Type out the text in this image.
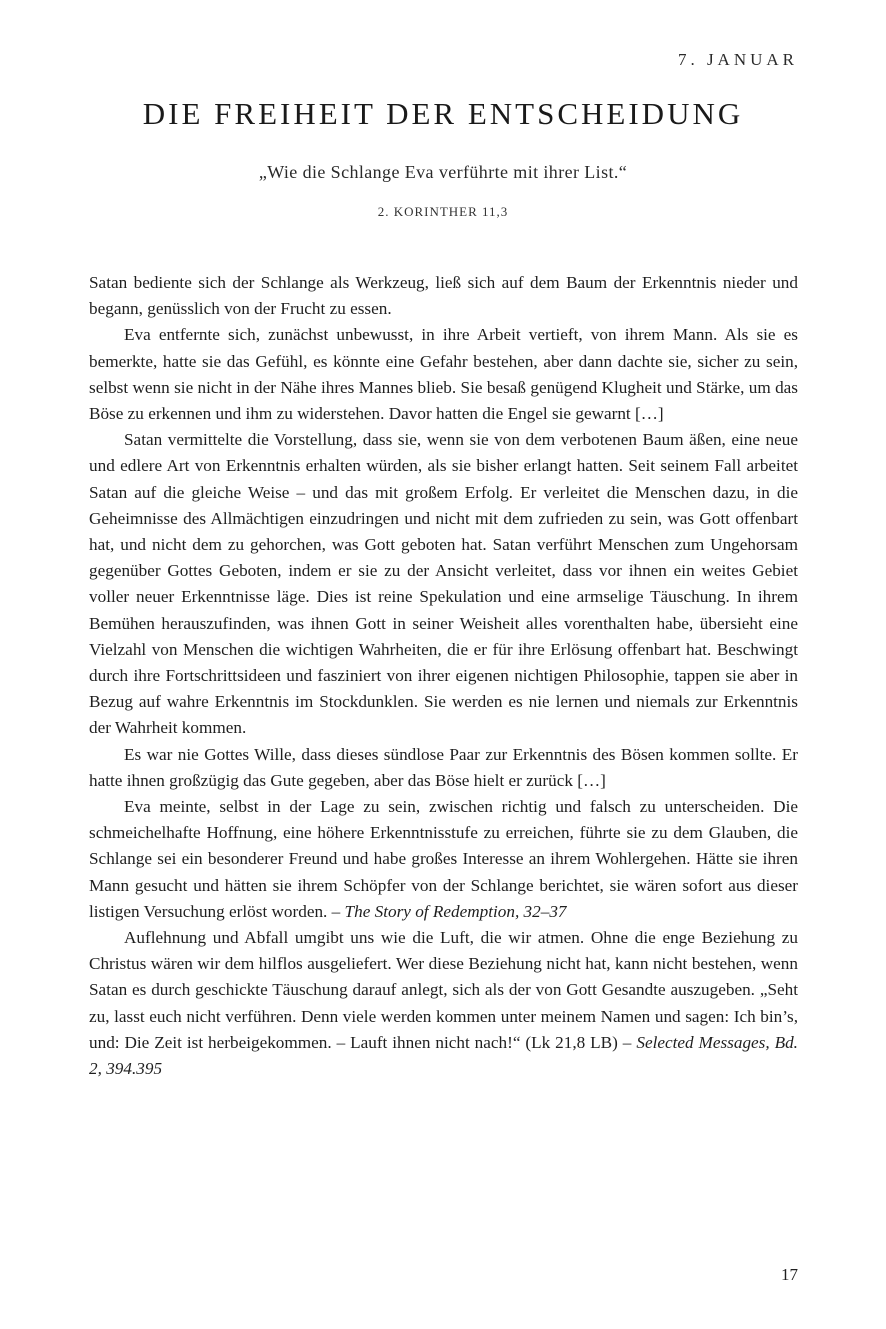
7. JANUAR
DIE FREIHEIT DER ENTSCHEIDUNG
„Wie die Schlange Eva verführte mit ihrer List.“
2. KORINTHER 11,3

Satan bediente sich der Schlange als Werkzeug, ließ sich auf dem Baum der Erkenntnis nieder und begann, genüsslich von der Frucht zu essen.

Eva entfernte sich, zunächst unbewusst, in ihre Arbeit vertieft, von ihrem Mann. Als sie es bemerkte, hatte sie das Gefühl, es könnte eine Gefahr bestehen, aber dann dachte sie, sicher zu sein, selbst wenn sie nicht in der Nähe ihres Mannes blieb. Sie besaß genügend Klugheit und Stärke, um das Böse zu erkennen und ihm zu widerstehen. Davor hatten die Engel sie gewarnt […]

Satan vermittelte die Vorstellung, dass sie, wenn sie von dem verbotenen Baum äßen, eine neue und edlere Art von Erkenntnis erhalten würden, als sie bisher erlangt hatten. Seit seinem Fall arbeitet Satan auf die gleiche Weise – und das mit großem Erfolg. Er verleitet die Menschen dazu, in die Geheimnisse des Allmächtigen einzudringen und nicht mit dem zufrieden zu sein, was Gott offenbart hat, und nicht dem zu gehorchen, was Gott geboten hat. Satan verführt Menschen zum Ungehorsam gegenüber Gottes Geboten, indem er sie zu der Ansicht verleitet, dass vor ihnen ein weites Gebiet voller neuer Erkenntnisse läge. Dies ist reine Spekulation und eine armselige Täuschung. In ihrem Bemühen herauszufinden, was ihnen Gott in seiner Weisheit alles vorenthalten habe, übersieht eine Vielzahl von Menschen die wichtigen Wahrheiten, die er für ihre Erlösung offenbart hat. Beschwingt durch ihre Fortschrittsideen und fasziniert von ihrer eigenen nichtigen Philosophie, tappen sie aber in Bezug auf wahre Erkenntnis im Stockdunklen. Sie werden es nie lernen und niemals zur Erkenntnis der Wahrheit kommen.

Es war nie Gottes Wille, dass dieses sündlose Paar zur Erkenntnis des Bösen kommen sollte. Er hatte ihnen großzügig das Gute gegeben, aber das Böse hielt er zurück […]

Eva meinte, selbst in der Lage zu sein, zwischen richtig und falsch zu unterscheiden. Die schmeichelhafte Hoffnung, eine höhere Erkenntnisstufe zu erreichen, führte sie zu dem Glauben, die Schlange sei ein besonderer Freund und habe großes Interesse an ihrem Wohlergehen. Hätte sie ihren Mann gesucht und hätten sie ihrem Schöpfer von der Schlange berichtet, sie wären sofort aus dieser listigen Versuchung erlöst worden. – The Story of Redemption, 32–37

Auflehnung und Abfall umgibt uns wie die Luft, die wir atmen. Ohne die enge Beziehung zu Christus wären wir dem hilflos ausgeliefert. Wer diese Beziehung nicht hat, kann nicht bestehen, wenn Satan es durch geschickte Täuschung darauf anlegt, sich als der von Gott Gesandte auszugeben. „Seht zu, lasst euch nicht verführen. Denn viele werden kommen unter meinem Namen und sagen: Ich bin’s, und: Die Zeit ist herbeigekommen. – Lauft ihnen nicht nach!“ (Lk 21,8 LB) – Selected Messages, Bd. 2, 394.395

17
